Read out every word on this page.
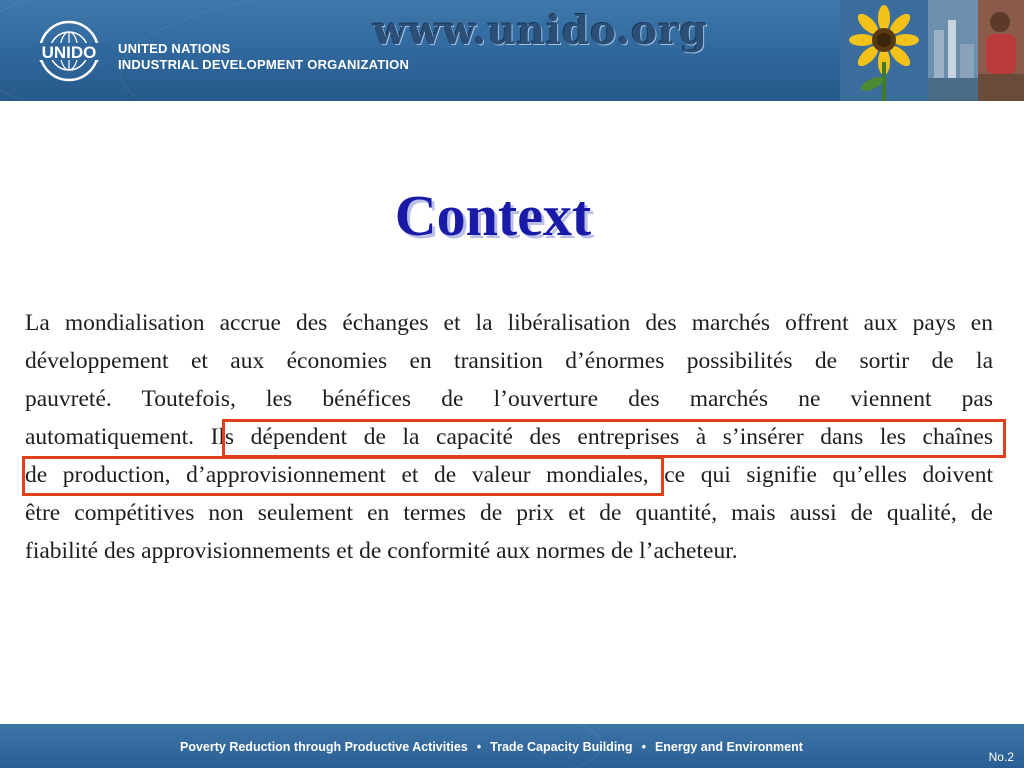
UNIDO UNITED NATIONS
INDUSTRIAL DEVELOPMENT ORGANIZATION
www.unido.org
Context
La mondialisation accrue des échanges et la libéralisation des marchés offrent aux pays en
développement et aux économies en transition d’énormes possibilités de sortir de la
pauvreté. Toutefois, les bénéfices de l’ouverture des marchés ne viennent pas
automatiquement. Ils dépendent de la capacité des entreprises à s’insérer dans les chaînes
de production, d’approvisionnement et de valeur mondiales, ce qui signifie qu’elles doivent
être compétitives non seulement en termes de prix et de quantité, mais aussi de qualité, de
fiabilité des approvisionnements et de conformité aux normes de l’acheteur.
Poverty Reduction through Productive Activities • Trade Capacity Building • Energy and Environment
No.2
